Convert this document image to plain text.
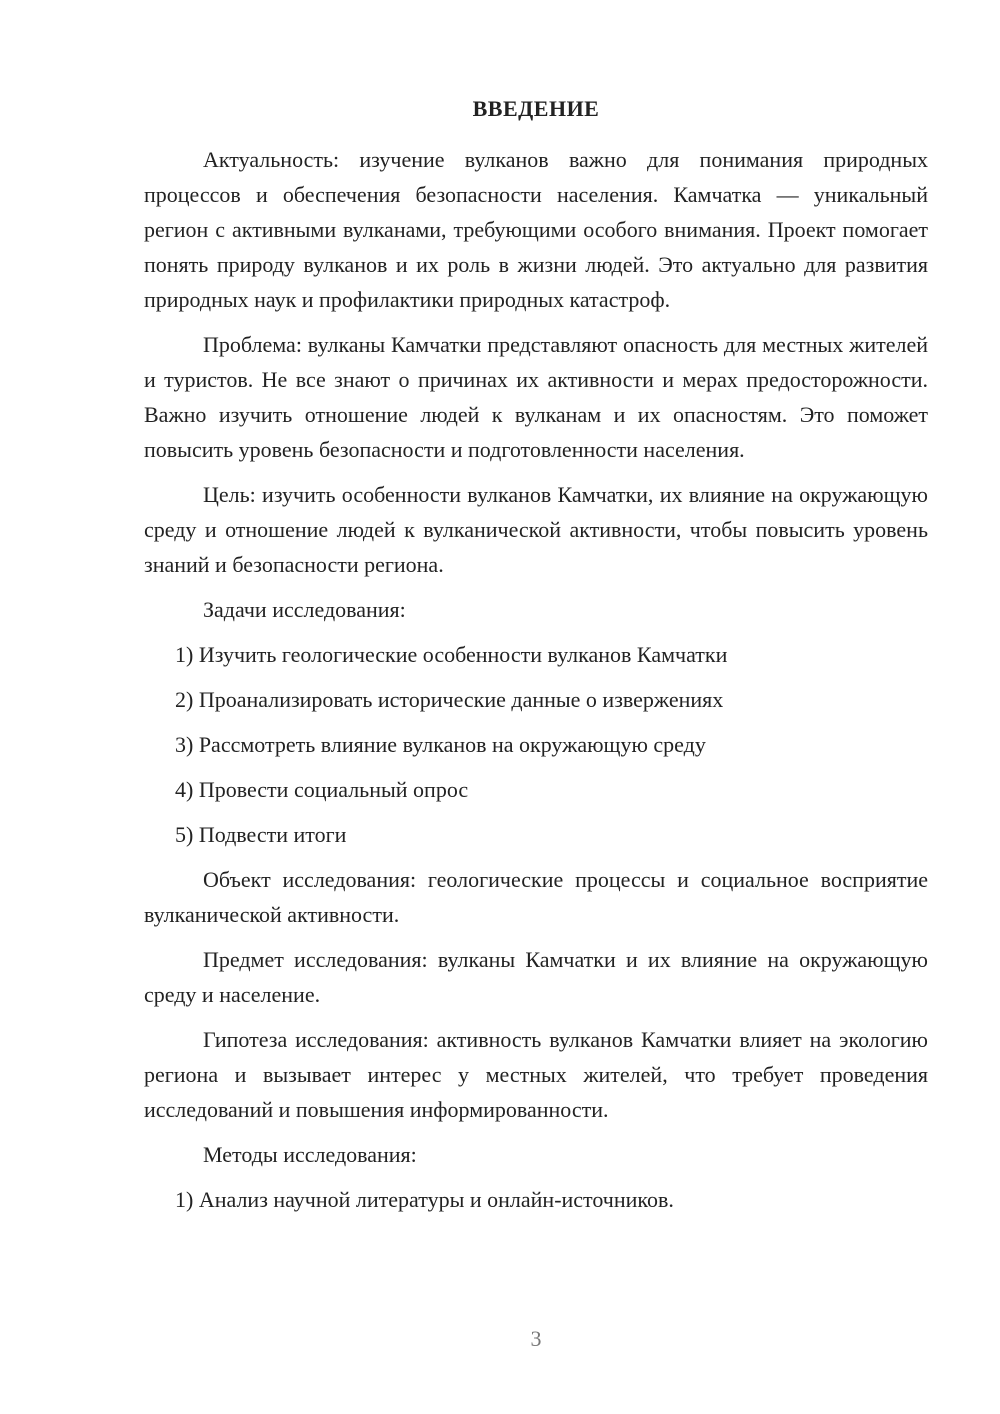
ВВЕДЕНИЕ

Актуальность: изучение вулканов важно для понимания природных процессов и обеспечения безопасности населения. Камчатка — уникальный регион с активными вулканами, требующими особого внимания. Проект помогает понять природу вулканов и их роль в жизни людей. Это актуально для развития природных наук и профилактики природных катастроф.

Проблема: вулканы Камчатки представляют опасность для местных жителей и туристов. Не все знают о причинах их активности и мерах предосторожности. Важно изучить отношение людей к вулканам и их опасностям. Это поможет повысить уровень безопасности и подготовленности населения.

Цель: изучить особенности вулканов Камчатки, их влияние на окружающую среду и отношение людей к вулканической активности, чтобы повысить уровень знаний и безопасности региона.

Задачи исследования:

1) Изучить геологические особенности вулканов Камчатки

2) Проанализировать исторические данные о извержениях

3) Рассмотреть влияние вулканов на окружающую среду

4) Провести социальный опрос

5) Подвести итоги

Объект исследования: геологические процессы и социальное восприятие вулканической активности.

Предмет исследования: вулканы Камчатки и их влияние на окружающую среду и население.

Гипотеза исследования: активность вулканов Камчатки влияет на экологию региона и вызывает интерес у местных жителей, что требует проведения исследований и повышения информированности.

Методы исследования:

1) Анализ научной литературы и онлайн-источников.

3
